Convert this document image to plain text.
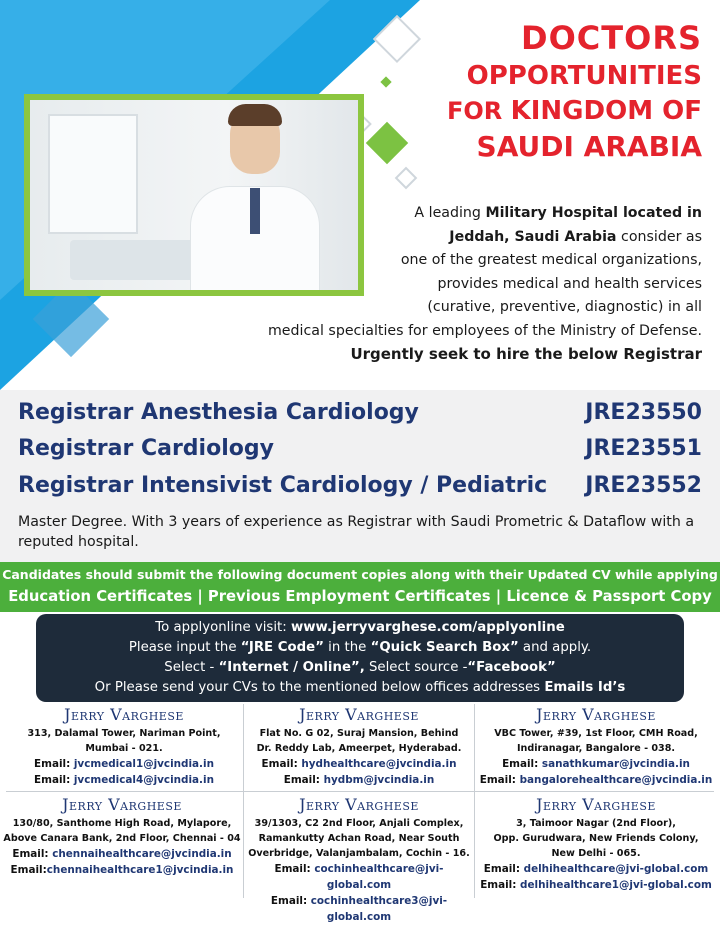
DOCTORS
OPPORTUNITIES
FOR KINGDOM OF
SAUDI ARABIA
A leading Military Hospital located in
Jeddah, Saudi Arabia consider as
one of the greatest medical organizations,
provides medical and health services
(curative, preventive, diagnostic) in all
medical specialties for employees of the Ministry of Defense.
Urgently seek to hire the below Registrar
Registrar Anesthesia Cardiology	JRE23550
Registrar Cardiology	JRE23551
Registrar Intensivist Cardiology / Pediatric JRE23552
Master Degree. With 3 years of experience as Registrar with Saudi Prometric & Dataflow with a reputed hospital.
Candidates should submit the following document copies along with their Updated CV while applying
Education Certificates | Previous Employment Certificates | Licence & Passport Copy
To applyonline visit: www.jerryvarghese.com/applyonline
Please input the “JRE Code” in the “Quick Search Box” and apply.
Select - “Internet / Online”, Select source -“Facebook”
Or Please send your CVs to the mentioned below offices addresses Emails Id’s
Jerry Varghese
313, Dalamal Tower, Nariman Point,
Mumbai - 021.
Email: jvcmedical1@jvcindia.in
Email: jvcmedical4@jvcindia.in
Jerry Varghese
Flat No. G 02, Suraj Mansion, Behind
Dr. Reddy Lab, Ameerpet, Hyderabad.
Email: hydhealthcare@jvcindia.in
Email: hydbm@jvcindia.in
Jerry Varghese
VBC Tower, #39, 1st Floor, CMH Road,
Indiranagar, Bangalore - 038.
Email: sanathkumar@jvcindia.in
Email: bangalorehealthcare@jvcindia.in
Jerry Varghese
130/80, Santhome High Road, Mylapore,
Above Canara Bank, 2nd Floor, Chennai - 04
Email: chennaihealthcare@jvcindia.in
Email:chennaihealthcare1@jvcindia.in
Jerry Varghese
39/1303, C2 2nd Floor, Anjali Complex,
Ramankutty Achan Road, Near South
Overbridge, Valanjambalam, Cochin - 16.
Email: cochinhealthcare@jvi-global.com
Email: cochinhealthcare3@jvi-global.com
Jerry Varghese
3, Taimoor Nagar (2nd Floor),
Opp. Gurudwara, New Friends Colony,
New Delhi - 065.
Email: delhihealthcare@jvi-global.com
Email: delhihealthcare1@jvi-global.com
